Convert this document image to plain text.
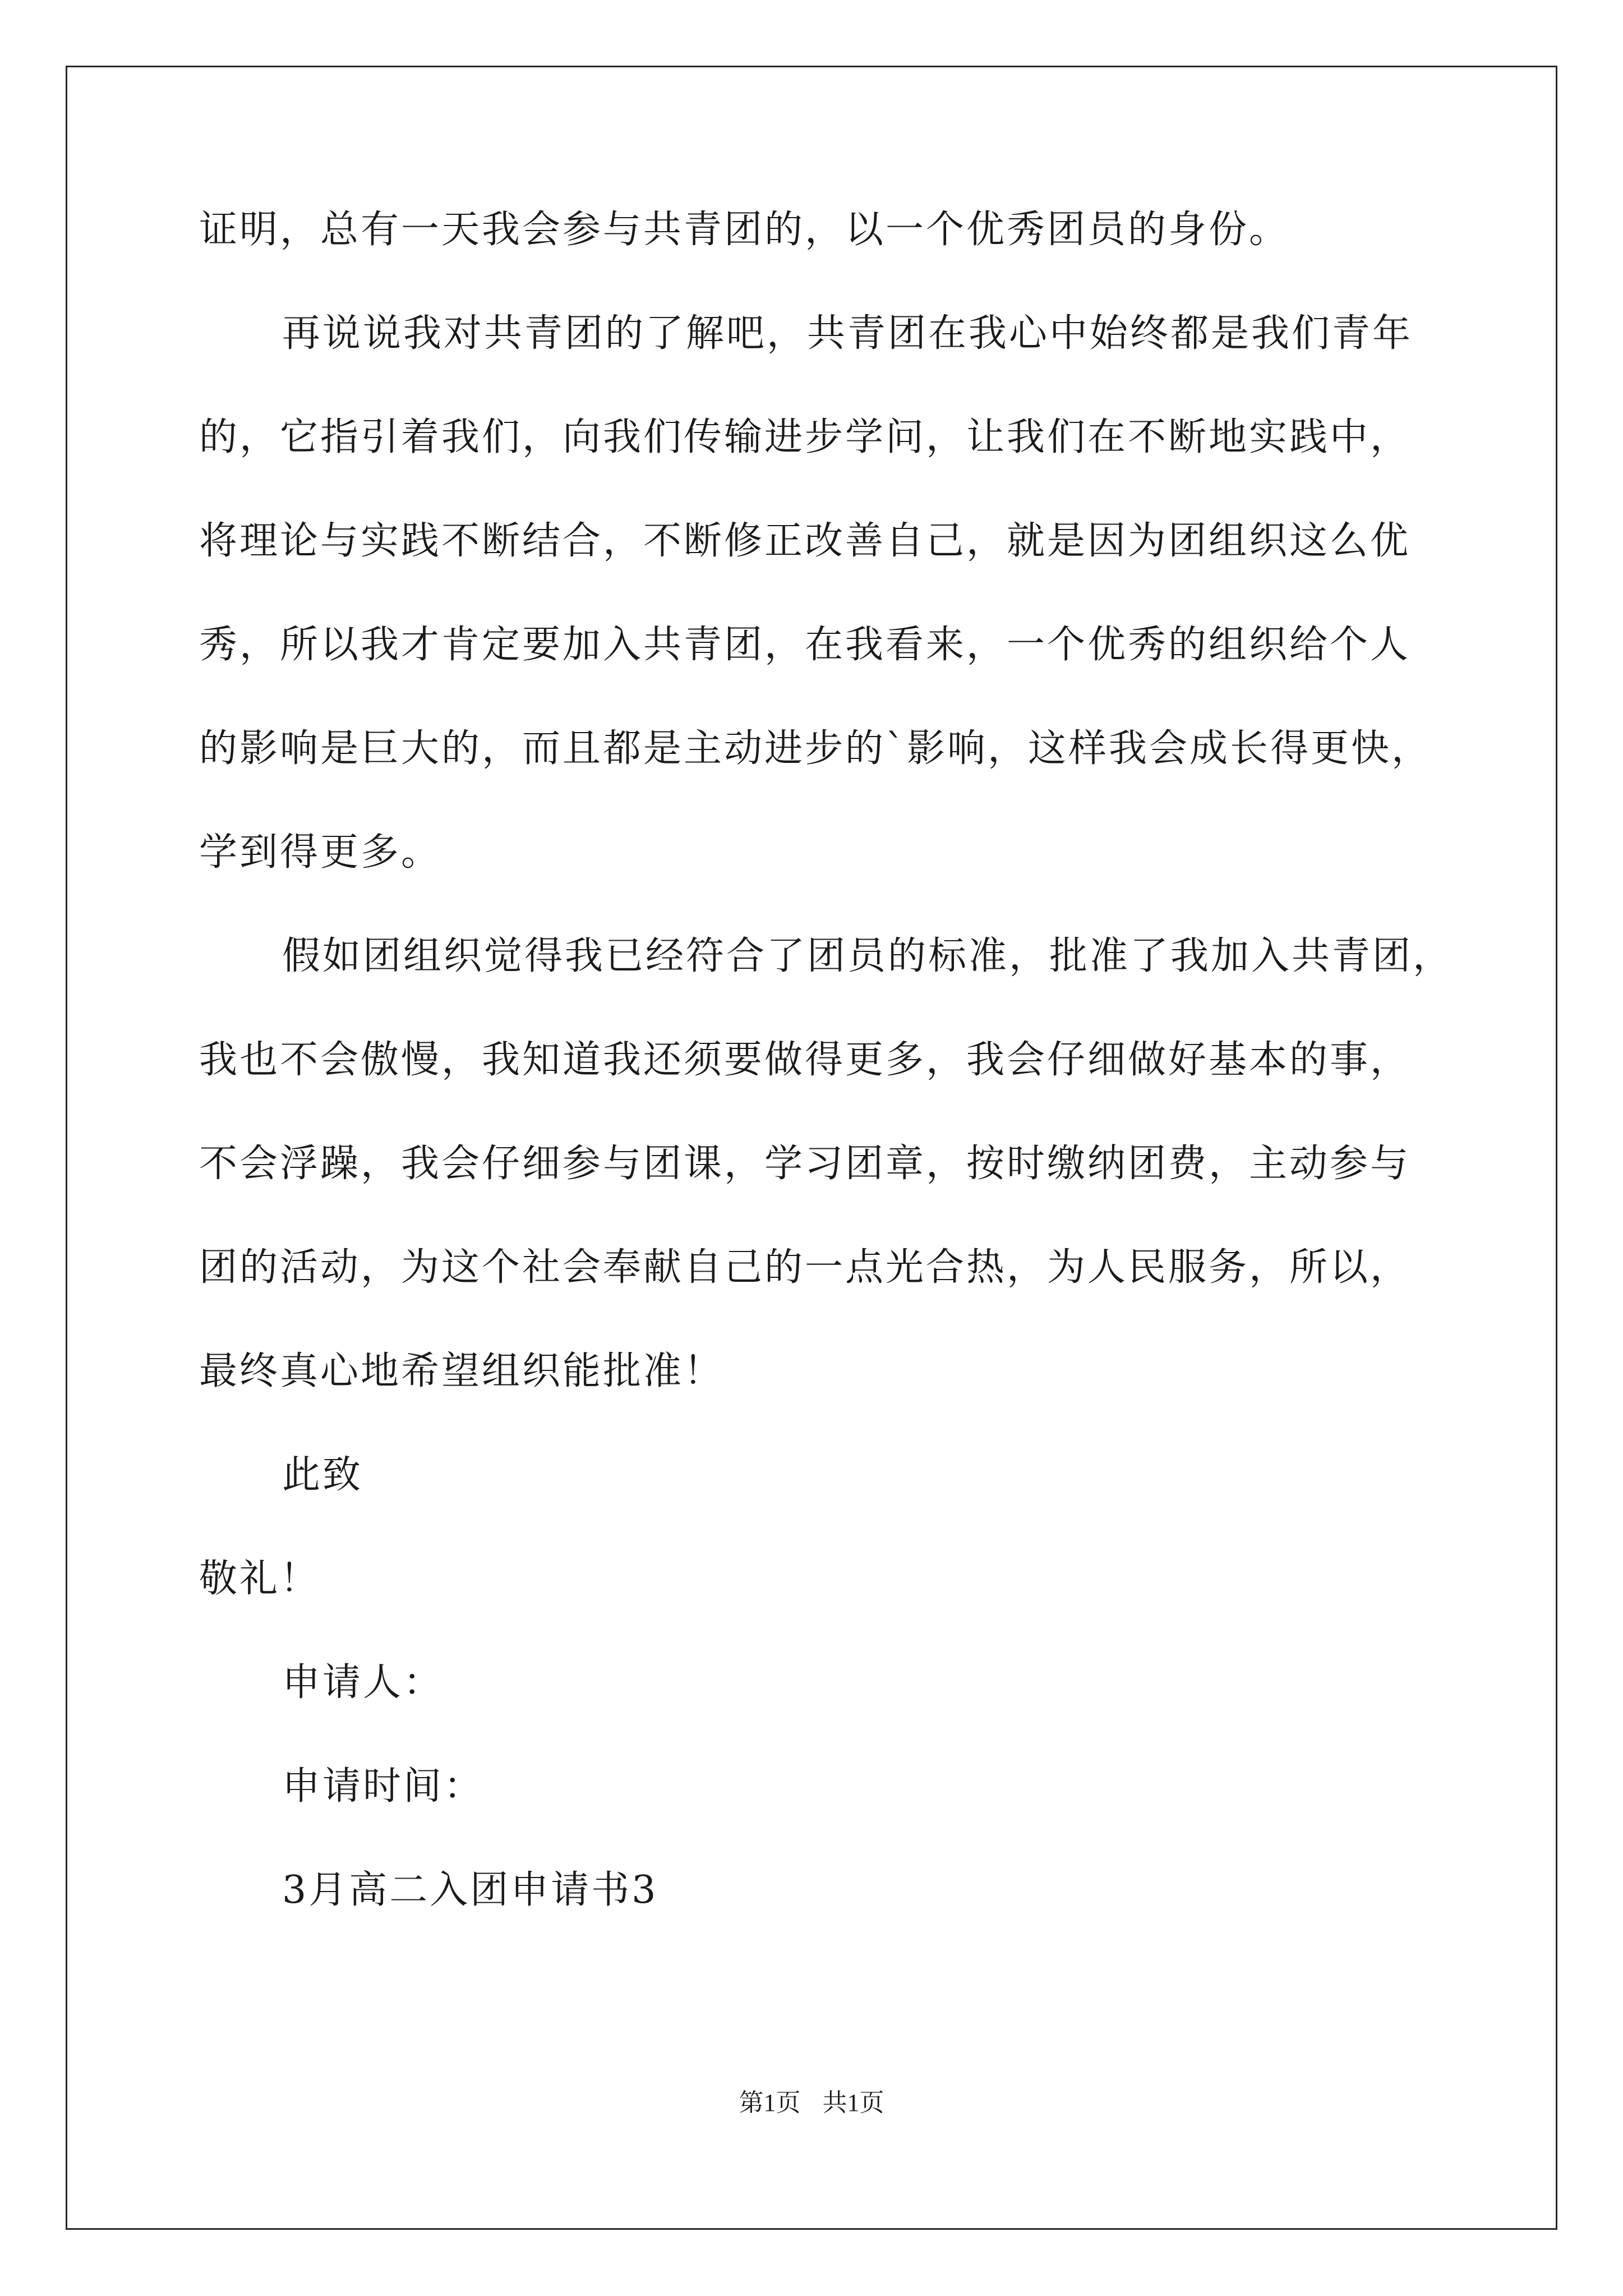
证明，总有一天我会参与共青团的，以一个优秀团员的身份。
再说说我对共青团的了解吧，共青团在我心中始终都是我们青年
的，它指引着我们，向我们传输进步学问，让我们在不断地实践中，
将理论与实践不断结合，不断修正改善自己，就是因为团组织这么优
秀，所以我才肯定要加入共青团，在我看来，一个优秀的组织给个人
的影响是巨大的，而且都是主动进步的`影响，这样我会成长得更快，
学到得更多。
假如团组织觉得我已经符合了团员的标准，批准了我加入共青团，
我也不会傲慢，我知道我还须要做得更多，我会仔细做好基本的事，
不会浮躁，我会仔细参与团课，学习团章，按时缴纳团费，主动参与
团的活动，为这个社会奉献自己的一点光合热，为人民服务，所以，
最终真心地希望组织能批准！
此致
敬礼！
申请人：
申请时间：
3月高二入团申请书3
第1页 共1页
